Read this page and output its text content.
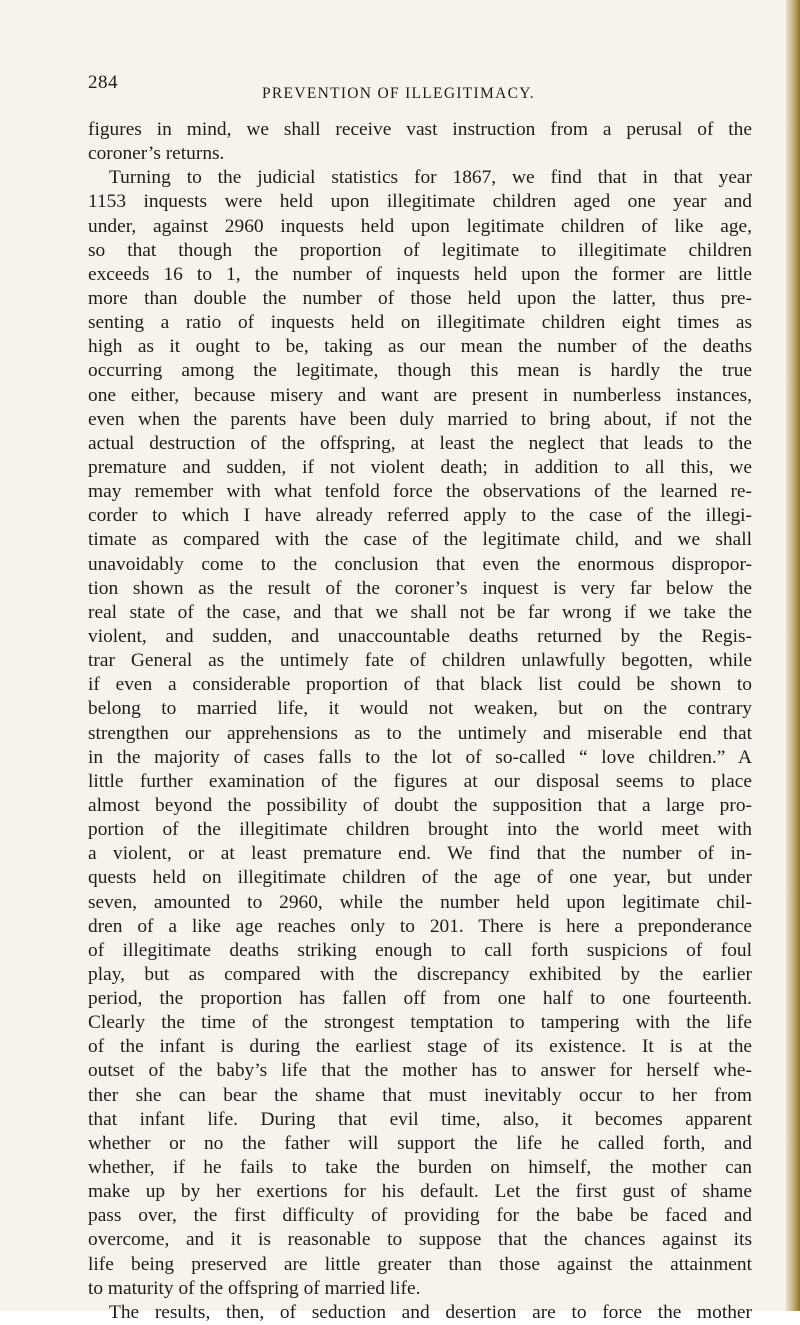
284
PREVENTION OF ILLEGITIMACY.
figures in mind, we shall receive vast instruction from a perusal of the
coroner’s returns.
Turning to the judicial statistics for 1867, we find that in that year
1153 inquests were held upon illegitimate children aged one year and
under, against 2960 inquests held upon legitimate children of like age,
so that though the proportion of legitimate to illegitimate children
exceeds 16 to 1, the number of inquests held upon the former are little
more than double the number of those held upon the latter, thus pre-
senting a ratio of inquests held on illegitimate children eight times as
high as it ought to be, taking as our mean the number of the deaths
occurring among the legitimate, though this mean is hardly the true
one either, because misery and want are present in numberless instances,
even when the parents have been duly married to bring about, if not the
actual destruction of the offspring, at least the neglect that leads to the
premature and sudden, if not violent death; in addition to all this, we
may remember with what tenfold force the observations of the learned re-
corder to which I have already referred apply to the case of the illegi-
timate as compared with the case of the legitimate child, and we shall
unavoidably come to the conclusion that even the enormous dispropor-
tion shown as the result of the coroner’s inquest is very far below the
real state of the case, and that we shall not be far wrong if we take the
violent, and sudden, and unaccountable deaths returned by the Regis-
trar General as the untimely fate of children unlawfully begotten, while
if even a considerable proportion of that black list could be shown to
belong to married life, it would not weaken, but on the contrary
strengthen our apprehensions as to the untimely and miserable end that
in the majority of cases falls to the lot of so-called “ love children.” A
little further examination of the figures at our disposal seems to place
almost beyond the possibility of doubt the supposition that a large pro-
portion of the illegitimate children brought into the world meet with
a violent, or at least premature end. We find that the number of in-
quests held on illegitimate children of the age of one year, but under
seven, amounted to 2960, while the number held upon legitimate chil-
dren of a like age reaches only to 201. There is here a preponderance
of illegitimate deaths striking enough to call forth suspicions of foul
play, but as compared with the discrepancy exhibited by the earlier
period, the proportion has fallen off from one half to one fourteenth.
Clearly the time of the strongest temptation to tampering with the life
of the infant is during the earliest stage of its existence. It is at the
outset of the baby’s life that the mother has to answer for herself whe-
ther she can bear the shame that must inevitably occur to her from
that infant life. During that evil time, also, it becomes apparent
whether or no the father will support the life he called forth, and
whether, if he fails to take the burden on himself, the mother can
make up by her exertions for his default. Let the first gust of shame
pass over, the first difficulty of providing for the babe be faced and
overcome, and it is reasonable to suppose that the chances against its
life being preserved are little greater than those against the attainment
to maturity of the offspring of married life.
The results, then, of seduction and desertion are to force the mother
